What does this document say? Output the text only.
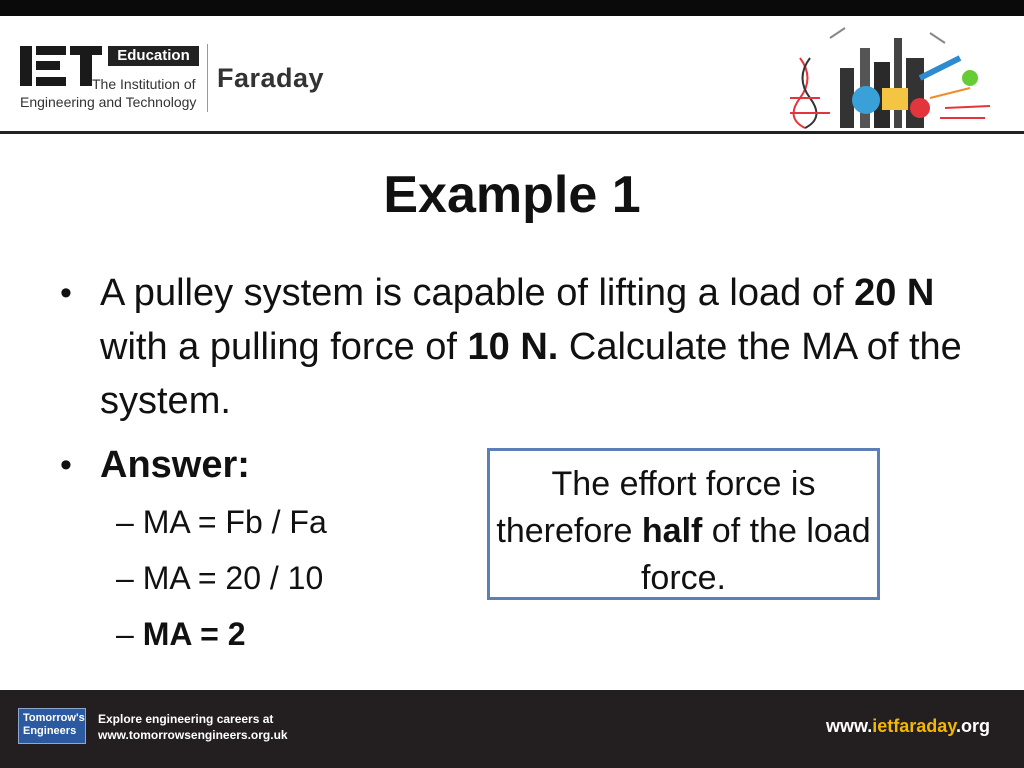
Education
The Institution of
Engineering and Technology
Faraday
Example 1
• A pulley system is capable of lifting a load of 20 N with a pulling force of 10 N. Calculate the MA of the system.
• Answer:
– MA = Fb / Fa
– MA = 20 / 10
– MA = 2
The effort force is therefore half of the load force.
Tomorrow's
Engineers
Explore engineering careers at
www.tomorrowsengineers.org.uk	www.ietfaraday.org
